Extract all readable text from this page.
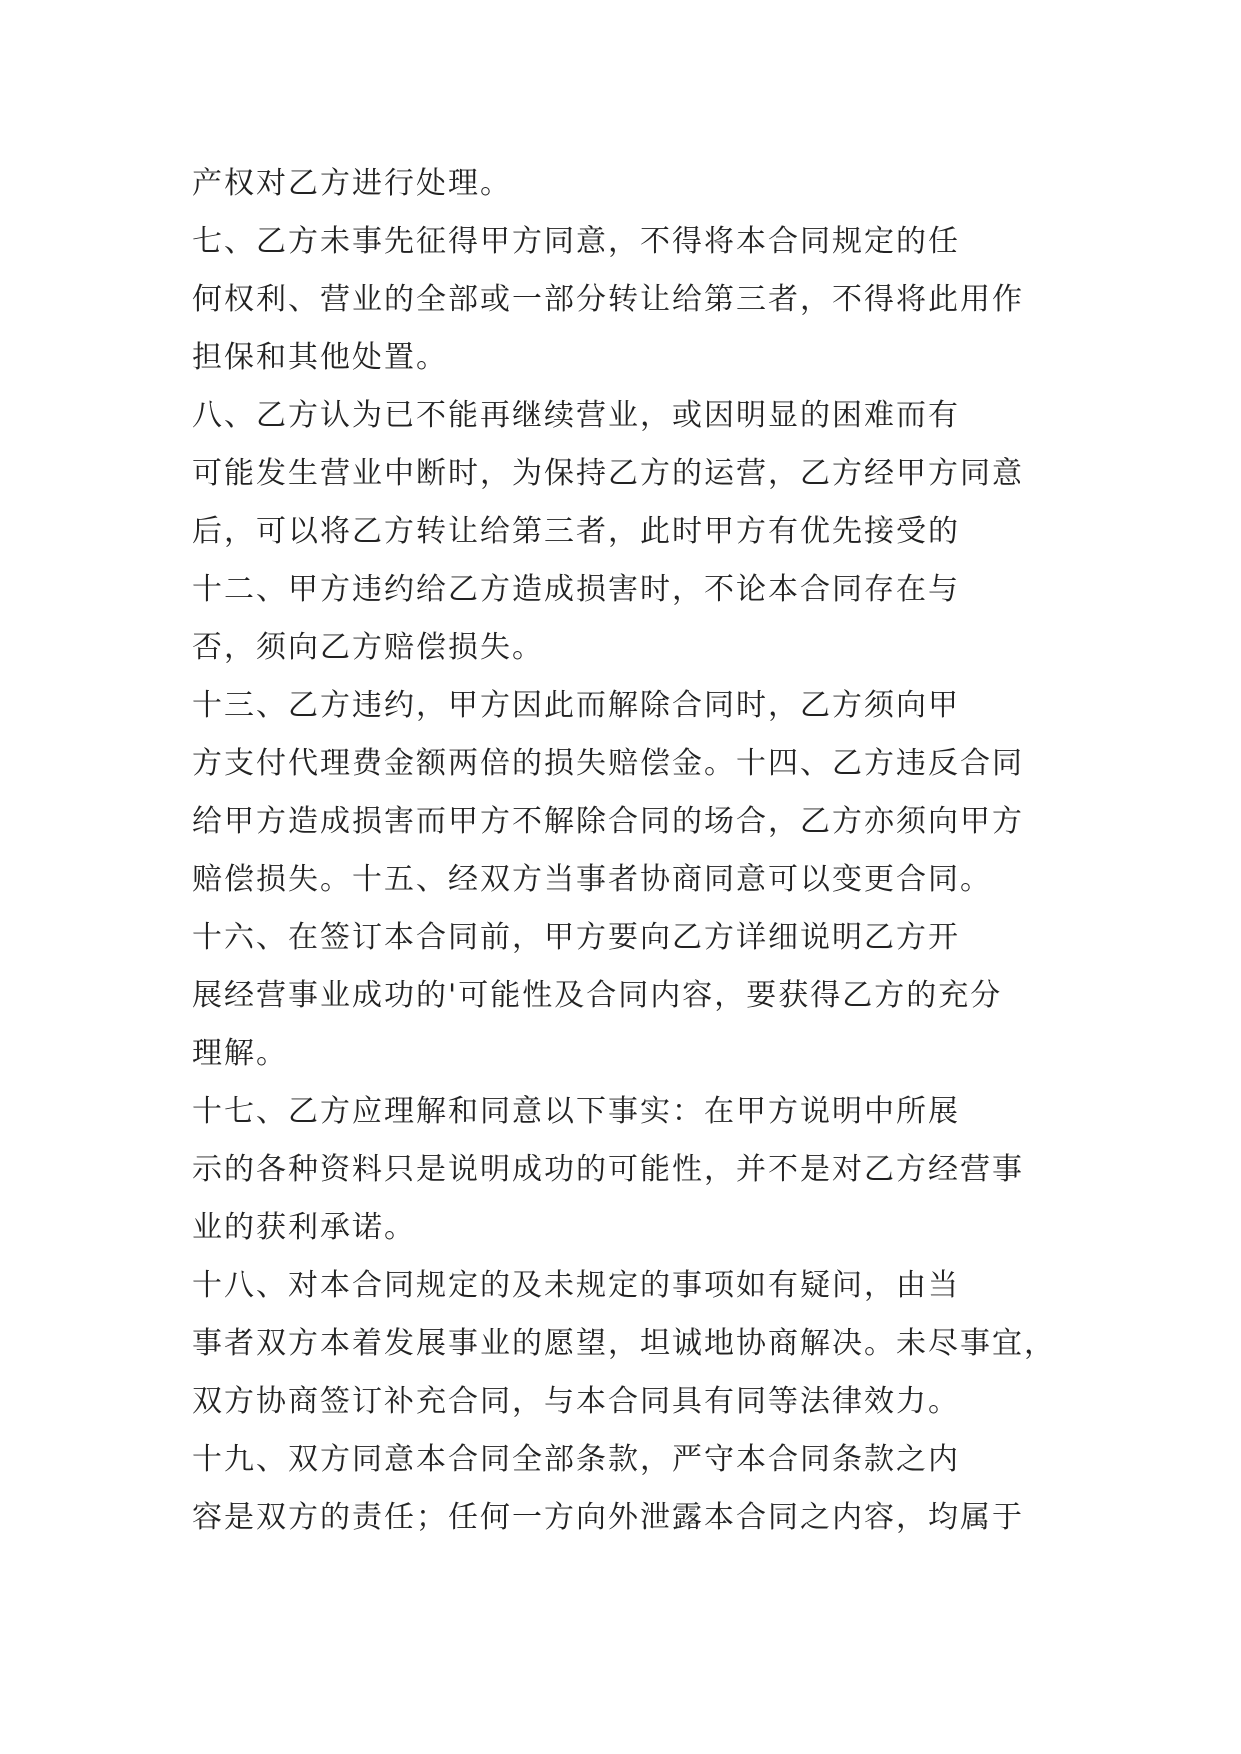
产权对乙方进行处理。
七、乙方未事先征得甲方同意，不得将本合同规定的任
何权利、营业的全部或一部分转让给第三者，不得将此用作
担保和其他处置。
八、乙方认为已不能再继续营业，或因明显的困难而有
可能发生营业中断时，为保持乙方的运营，乙方经甲方同意
后，可以将乙方转让给第三者，此时甲方有优先接受的
十二、甲方违约给乙方造成损害时，不论本合同存在与
否，须向乙方赔偿损失。
十三、乙方违约，甲方因此而解除合同时，乙方须向甲
方支付代理费金额两倍的损失赔偿金。十四、乙方违反合同
给甲方造成损害而甲方不解除合同的场合，乙方亦须向甲方
赔偿损失。十五、经双方当事者协商同意可以变更合同。
十六、在签订本合同前，甲方要向乙方详细说明乙方开
展经营事业成功的'可能性及合同内容，要获得乙方的充分
理解。
十七、乙方应理解和同意以下事实：在甲方说明中所展
示的各种资料只是说明成功的可能性，并不是对乙方经营事
业的获利承诺。
十八、对本合同规定的及未规定的事项如有疑问，由当
事者双方本着发展事业的愿望，坦诚地协商解决。未尽事宜，
双方协商签订补充合同，与本合同具有同等法律效力。
十九、双方同意本合同全部条款，严守本合同条款之内
容是双方的责任；任何一方向外泄露本合同之内容，均属于
